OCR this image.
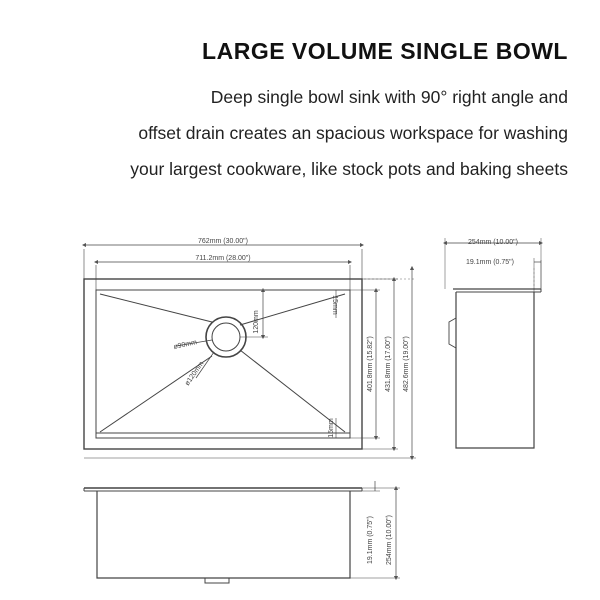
LARGE VOLUME SINGLE BOWL
Deep single bowl sink with 90° right angle and
offset drain creates an spacious workspace for washing
your largest cookware, like stock pots and baking sheets
762mm (30.00")
711.2mm (28.00")
ø90mm
ø120mm
120mm
15mm
15mm
401.8mm (15.82") 431.8mm (17.00") 482.6mm (19.00")
254mm (10.00")
19.1mm (0.75")
19.1mm (0.75") 254mm (10.00")
